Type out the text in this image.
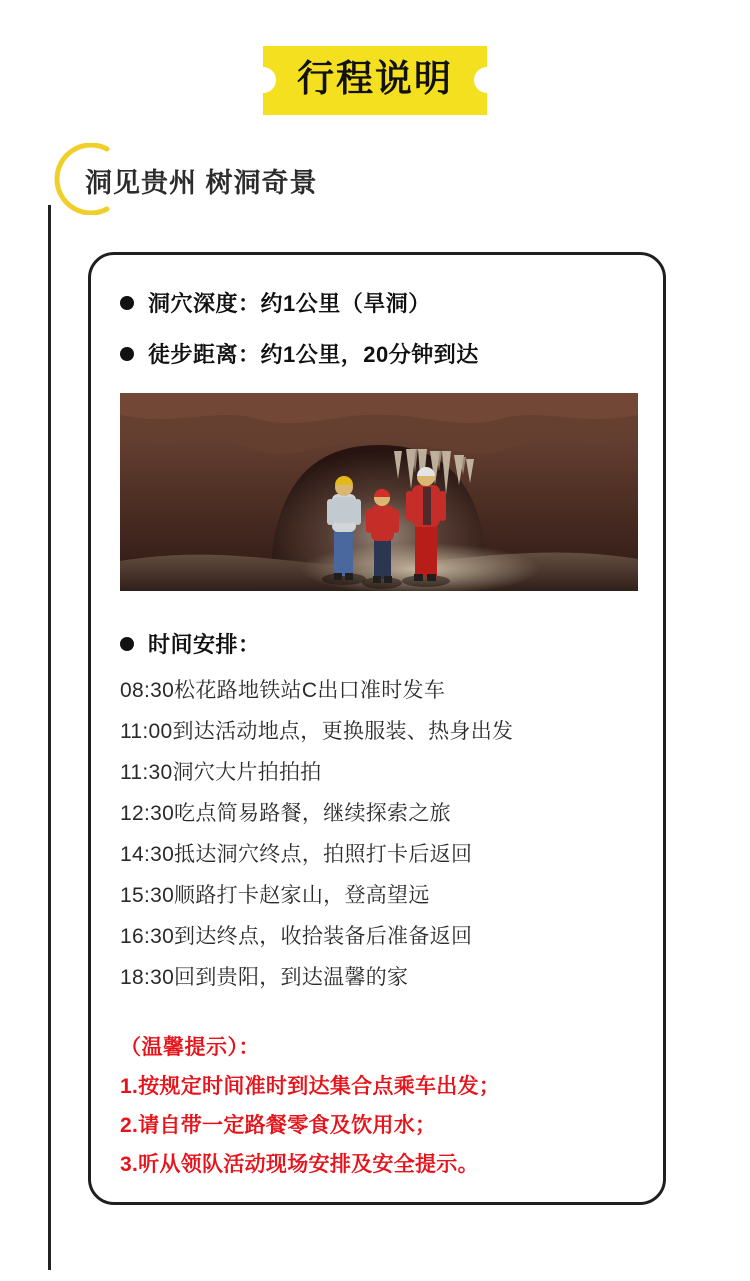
行程说明
洞见贵州 树洞奇景
洞穴深度：约1公里（旱洞）
徒步距离：约1公里，20分钟到达
时间安排：
08:30松花路地铁站C出口准时发车
11:00到达活动地点，更换服装、热身出发
11:30洞穴大片拍拍拍
12:30吃点简易路餐，继续探索之旅
14:30抵达洞穴终点，拍照打卡后返回
15:30顺路打卡赵家山，登高望远
16:30到达终点，收拾装备后准备返回
18:30回到贵阳，到达温馨的家
（温馨提示）：
1.按规定时间准时到达集合点乘车出发；
2.请自带一定路餐零食及饮用水；
3.听从领队活动现场安排及安全提示。
